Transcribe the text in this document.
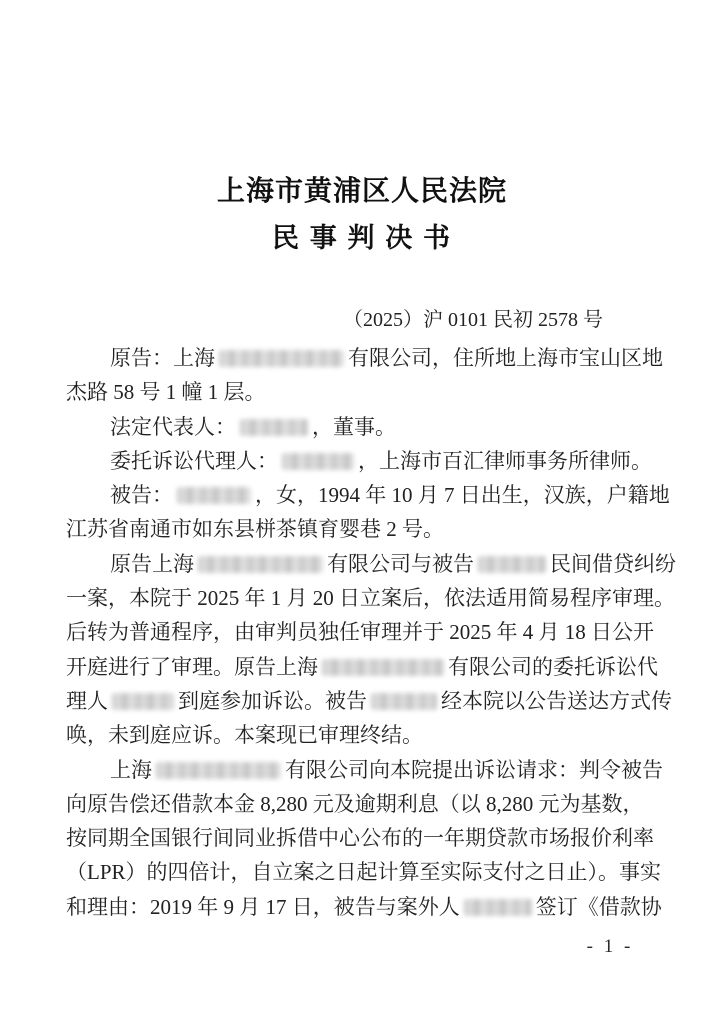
上海市黄浦区人民法院
民 事 判 决 书
（2025）沪 0101 民初 2578 号
原告：上海	有限公司，住所地上海市宝山区地
杰路 58 号 1 幢 1 层。
法定代表人：	，董事。
委托诉讼代理人：	，上海市百汇律师事务所律师。
被告：	，女，1994 年 10 月 7 日出生，汉族，户籍地
江苏省南通市如东县栟茶镇育婴巷 2 号。
原告上海	有限公司与被告	民间借贷纠纷
一案，本院于 2025 年 1 月 20 日立案后，依法适用简易程序审理。
后转为普通程序，由审判员独任审理并于 2025 年 4 月 18 日公开
开庭进行了审理。原告上海	有限公司的委托诉讼代
理人	到庭参加诉讼。被告	经本院以公告送达方式传
唤，未到庭应诉。本案现已审理终结。
上海	有限公司向本院提出诉讼请求：判令被告
向原告偿还借款本金 8,280 元及逾期利息（以 8,280 元为基数，
按同期全国银行间同业拆借中心公布的一年期贷款市场报价利率
（LPR）的四倍计，自立案之日起计算至实际支付之日止）。事实
和理由：2019 年 9 月 17 日，被告与案外人	签订《借款协
- 1 -
